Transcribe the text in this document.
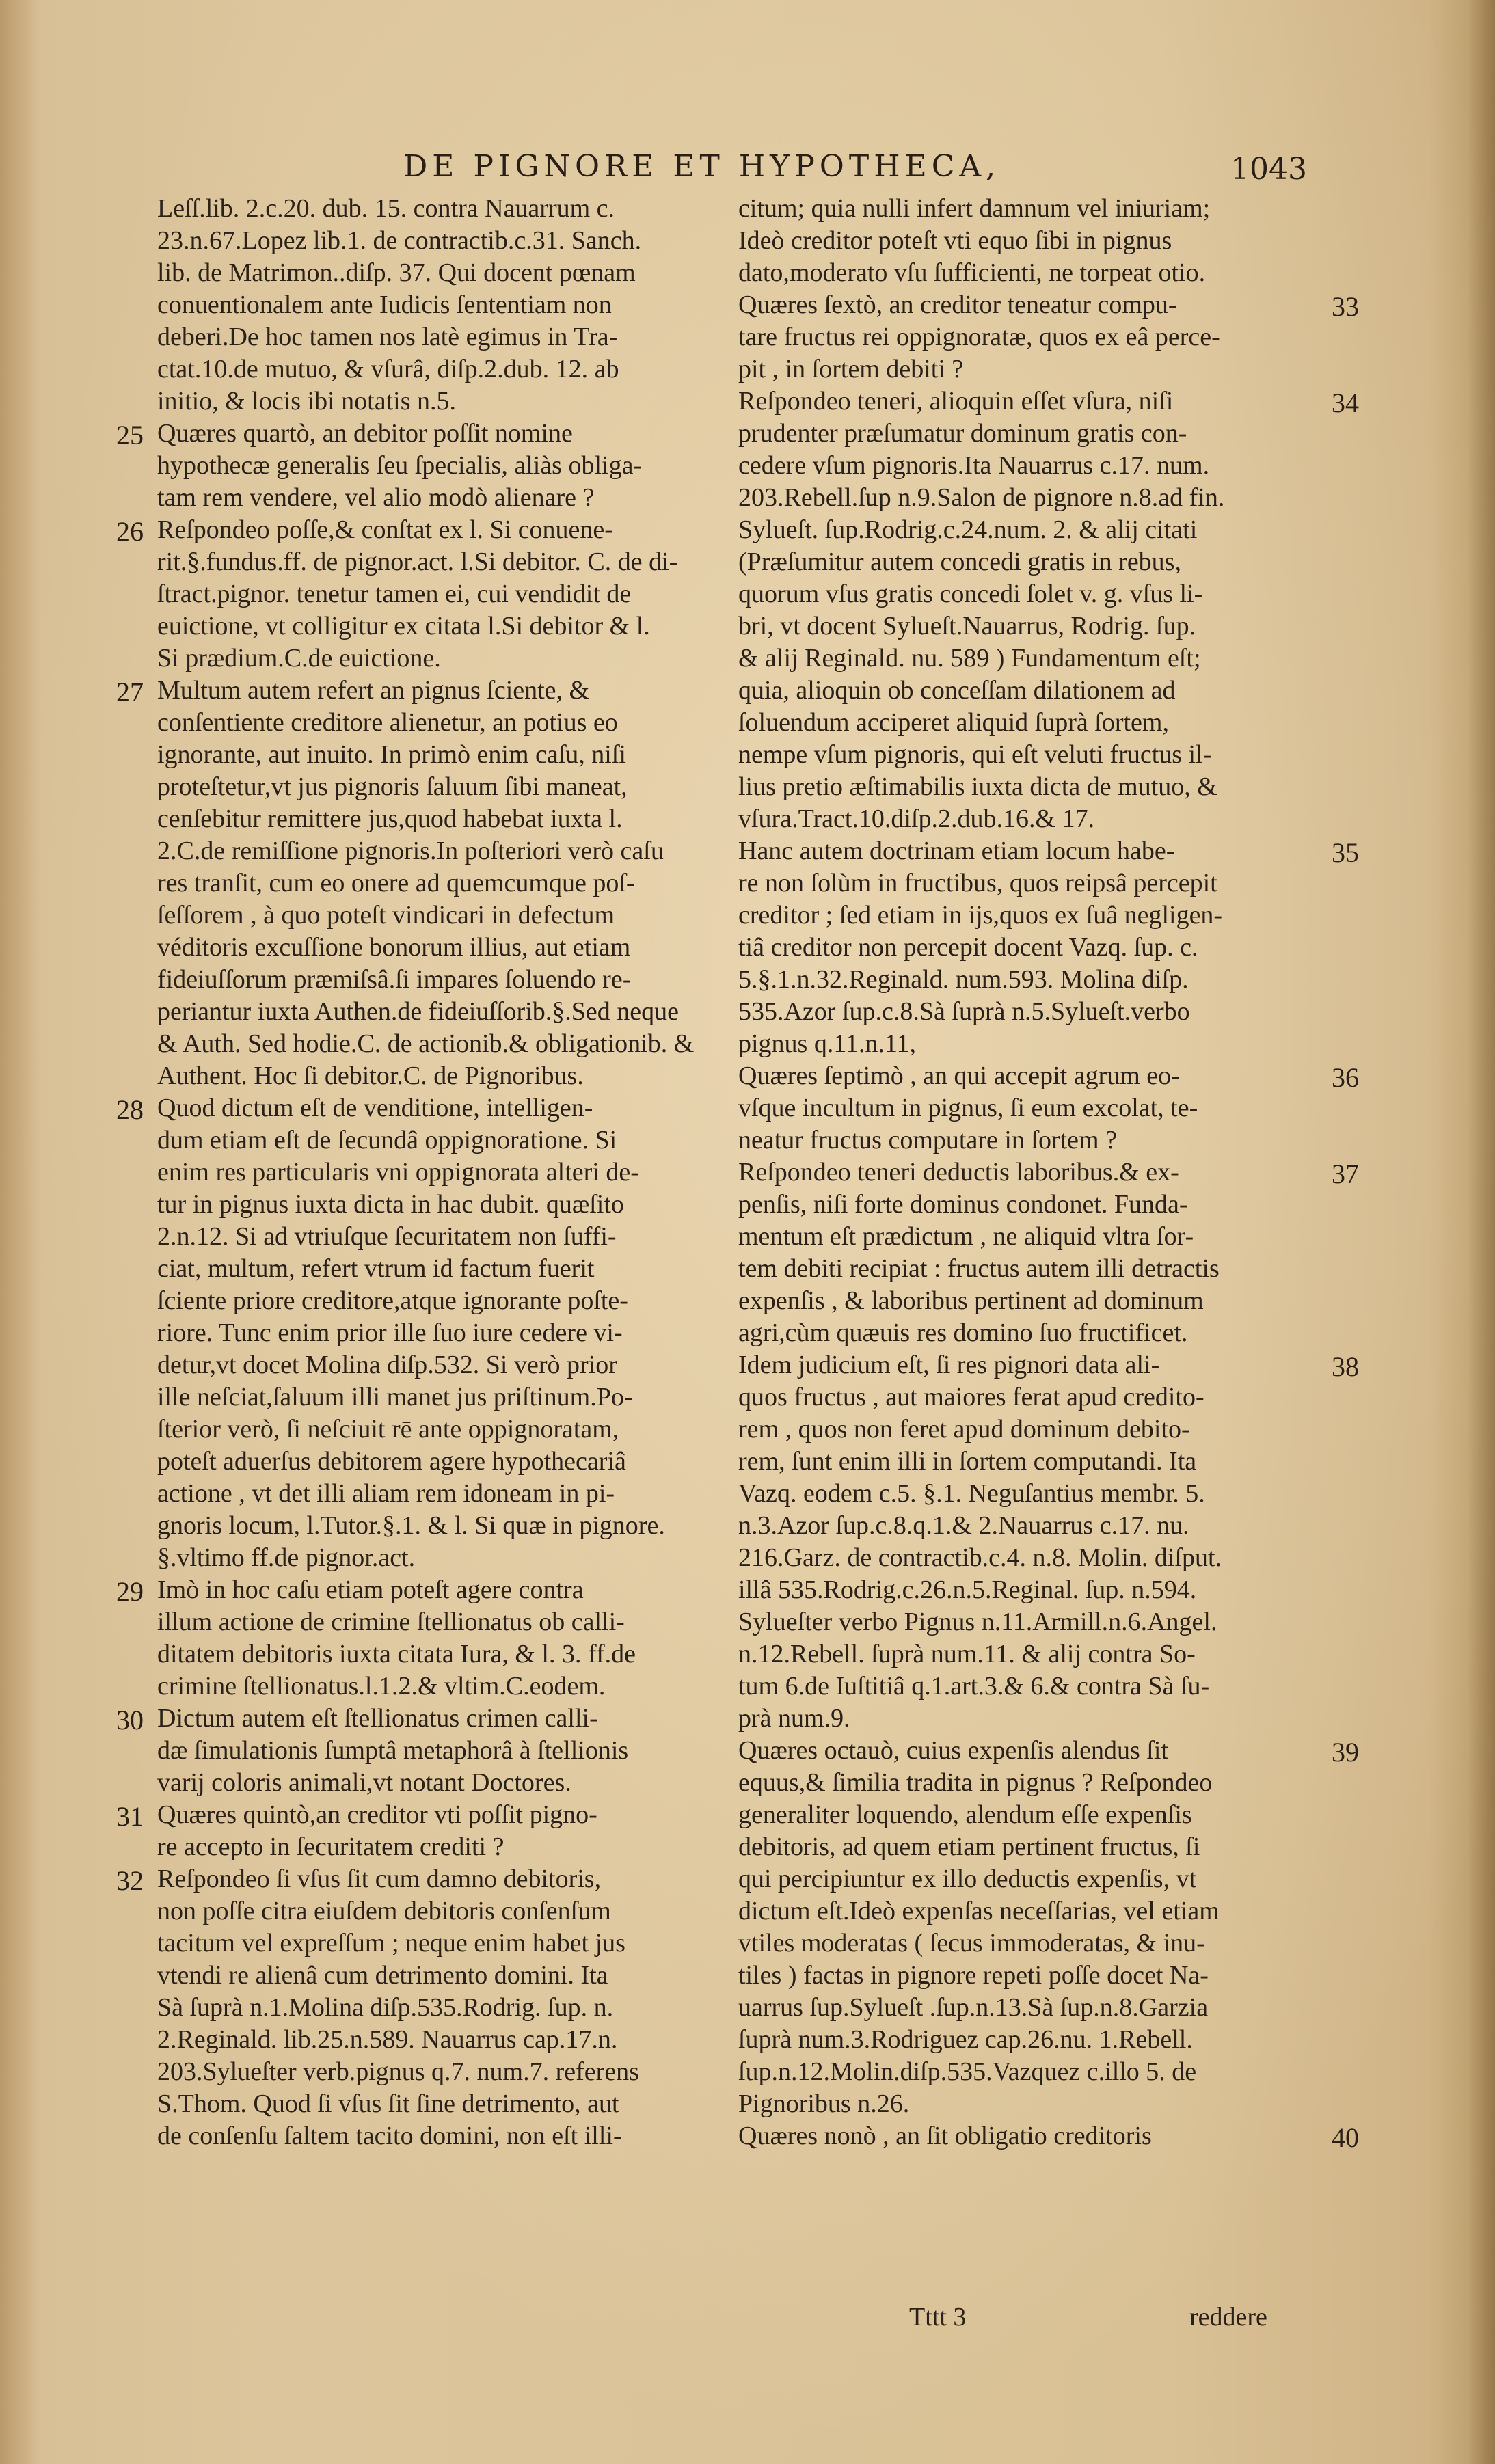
DE PIGNORE ET HYPOTHECA,	1043
Leſſ.lib. 2.c.20. dub. 15. contra Nauarrum c.
23.n.67.Lopez lib.1. de contractib.c.31. Sanch.
lib. de Matrimon..diſp. 37. Qui docent pœnam
conuentionalem ante Iudicis ſententiam non
deberi.De hoc tamen nos latè egimus in Tra-
ctat.10.de mutuo, & vſurâ, diſp.2.dub. 12. ab
initio, & locis ibi notatis n.5.
Quæres quartò, an debitor poſſit nomine
hypothecæ generalis ſeu ſpecialis, aliàs obliga-
tam rem vendere, vel alio modò alienare ?
Reſpondeo poſſe,& conſtat ex l. Si conuene-
rit.§.fundus.ff. de pignor.act. l.Si debitor. C. de di-
ſtract.pignor. tenetur tamen ei, cui vendidit de
euictione, vt colligitur ex citata l.Si debitor & l.
Si prædium.C.de euictione.
Multum autem refert an pignus ſciente, &
conſentiente creditore alienetur, an potius eo
ignorante, aut inuito. In primò enim caſu, niſi
proteſtetur,vt jus pignoris ſaluum ſibi maneat,
cenſebitur remittere jus,quod habebat iuxta l.
2.C.de remiſſione pignoris.In poſteriori verò caſu
res tranſit, cum eo onere ad quemcumque poſ-
ſeſſorem , à quo poteſt vindicari in defectum
véditoris excuſſione bonorum illius, aut etiam
fideiuſſorum præmiſsâ.ſi impares ſoluendo re-
periantur iuxta Authen.de fideiuſſorib.§.Sed neque
& Auth. Sed hodie.C. de actionib.& obligationib. &
Authent. Hoc ſi debitor.C. de Pignoribus.
Quod dictum eſt de venditione, intelligen-
dum etiam eſt de ſecundâ oppignoratione. Si
enim res particularis vni oppignorata alteri de-
tur in pignus iuxta dicta in hac dubit. quæſito
2.n.12. Si ad vtriuſque ſecuritatem non ſuffi-
ciat, multum, refert vtrum id factum fuerit
ſciente priore creditore,atque ignorante poſte-
riore. Tunc enim prior ille ſuo iure cedere vi-
detur,vt docet Molina diſp.532. Si verò prior
ille neſciat,ſaluum illi manet jus priſtinum.Po-
ſterior verò, ſi neſciuit rē ante oppignoratam,
poteſt aduerſus debitorem agere hypothecariâ
actione , vt det illi aliam rem idoneam in pi-
gnoris locum, l.Tutor.§.1. & l. Si quæ in pignore.
§.vltimo ff.de pignor.act.
Imò in hoc caſu etiam poteſt agere contra
illum actione de crimine ſtellionatus ob calli-
ditatem debitoris iuxta citata Iura, & l. 3. ff.de
crimine ſtellionatus.l.1.2.& vltim.C.eodem.
Dictum autem eſt ſtellionatus crimen calli-
dæ ſimulationis ſumptâ metaphorâ à ſtellionis
varij coloris animali,vt notant Doctores.
Quæres quintò,an creditor vti poſſit pigno-
re accepto in ſecuritatem crediti ?
Reſpondeo ſi vſus ſit cum damno debitoris,
non poſſe citra eiuſdem debitoris conſenſum
tacitum vel expreſſum ; neque enim habet jus
vtendi re alienâ cum detrimento domini. Ita
Sà ſuprà n.1.Molina diſp.535.Rodrig. ſup. n.
2.Reginald. lib.25.n.589. Nauarrus cap.17.n.
203.Sylueſter verb.pignus q.7. num.7. referens
S.Thom. Quod ſi vſus ſit ſine detrimento, aut
de conſenſu ſaltem tacito domini, non eſt illi-
citum; quia nulli infert damnum vel iniuriam;
Ideò creditor poteſt vti equo ſibi in pignus
dato,moderato vſu ſufficienti, ne torpeat otio.
Quæres ſextò, an creditor teneatur compu-
tare fructus rei oppignoratæ, quos ex eâ perce-
pit , in ſortem debiti ?
Reſpondeo teneri, alioquin eſſet vſura, niſi
prudenter præſumatur dominum gratis con-
cedere vſum pignoris.Ita Nauarrus c.17. num.
203.Rebell.ſup n.9.Salon de pignore n.8.ad fin.
Sylueſt. ſup.Rodrig.c.24.num. 2. & alij citati
(Præſumitur autem concedi gratis in rebus,
quorum vſus gratis concedi ſolet v. g. vſus li-
bri, vt docent Sylueſt.Nauarrus, Rodrig. ſup.
& alij Reginald. nu. 589 ) Fundamentum eſt;
quia, alioquin ob conceſſam dilationem ad
ſoluendum acciperet aliquid ſuprà ſortem,
nempe vſum pignoris, qui eſt veluti fructus il-
lius pretio æſtimabilis iuxta dicta de mutuo, &
vſura.Tract.10.diſp.2.dub.16.& 17.
Hanc autem doctrinam etiam locum habe-
re non ſolùm in fructibus, quos reipsâ percepit
creditor ; ſed etiam in ijs,quos ex ſuâ negligen-
tiâ creditor non percepit docent Vazq. ſup. c.
5.§.1.n.32.Reginald. num.593. Molina diſp.
535.Azor ſup.c.8.Sà ſuprà n.5.Sylueſt.verbo
pignus q.11.n.11,
Quæres ſeptimò , an qui accepit agrum eo-
vſque incultum in pignus, ſi eum excolat, te-
neatur fructus computare in ſortem ?
Reſpondeo teneri deductis laboribus.& ex-
penſis, niſi forte dominus condonet. Funda-
mentum eſt prædictum , ne aliquid vltra ſor-
tem debiti recipiat : fructus autem illi detractis
expenſis , & laboribus pertinent ad dominum
agri,cùm quæuis res domino ſuo fructificet.
Idem judicium eſt, ſi res pignori data ali-
quos fructus , aut maiores ferat apud credito-
rem , quos non feret apud dominum debito-
rem, ſunt enim illi in ſortem computandi. Ita
Vazq. eodem c.5. §.1. Neguſantius membr. 5.
n.3.Azor ſup.c.8.q.1.& 2.Nauarrus c.17. nu.
216.Garz. de contractib.c.4. n.8. Molin. diſput.
illâ 535.Rodrig.c.26.n.5.Reginal. ſup. n.594.
Sylueſter verbo Pignus n.11.Armill.n.6.Angel.
n.12.Rebell. ſuprà num.11. & alij contra So-
tum 6.de Iuſtitiâ q.1.art.3.& 6.& contra Sà ſu-
prà num.9.
Quæres octauò, cuius expenſis alendus ſit
equus,& ſimilia tradita in pignus ? Reſpondeo
generaliter loquendo, alendum eſſe expenſis
debitoris, ad quem etiam pertinent fructus, ſi
qui percipiuntur ex illo deductis expenſis, vt
dictum eſt.Ideò expenſas neceſſarias, vel etiam
vtiles moderatas ( ſecus immoderatas, & inu-
tiles ) factas in pignore repeti poſſe docet Na-
uarrus ſup.Sylueſt .ſup.n.13.Sà ſup.n.8.Garzia
ſuprà num.3.Rodriguez cap.26.nu. 1.Rebell.
ſup.n.12.Molin.diſp.535.Vazquez c.illo 5. de
Pignoribus n.26.
Quæres nonò , an ſit obligatio creditoris
25
26
27
28
29
30
31
32
33
34
35
36
37
38
39
40
Tttt 3	reddere
